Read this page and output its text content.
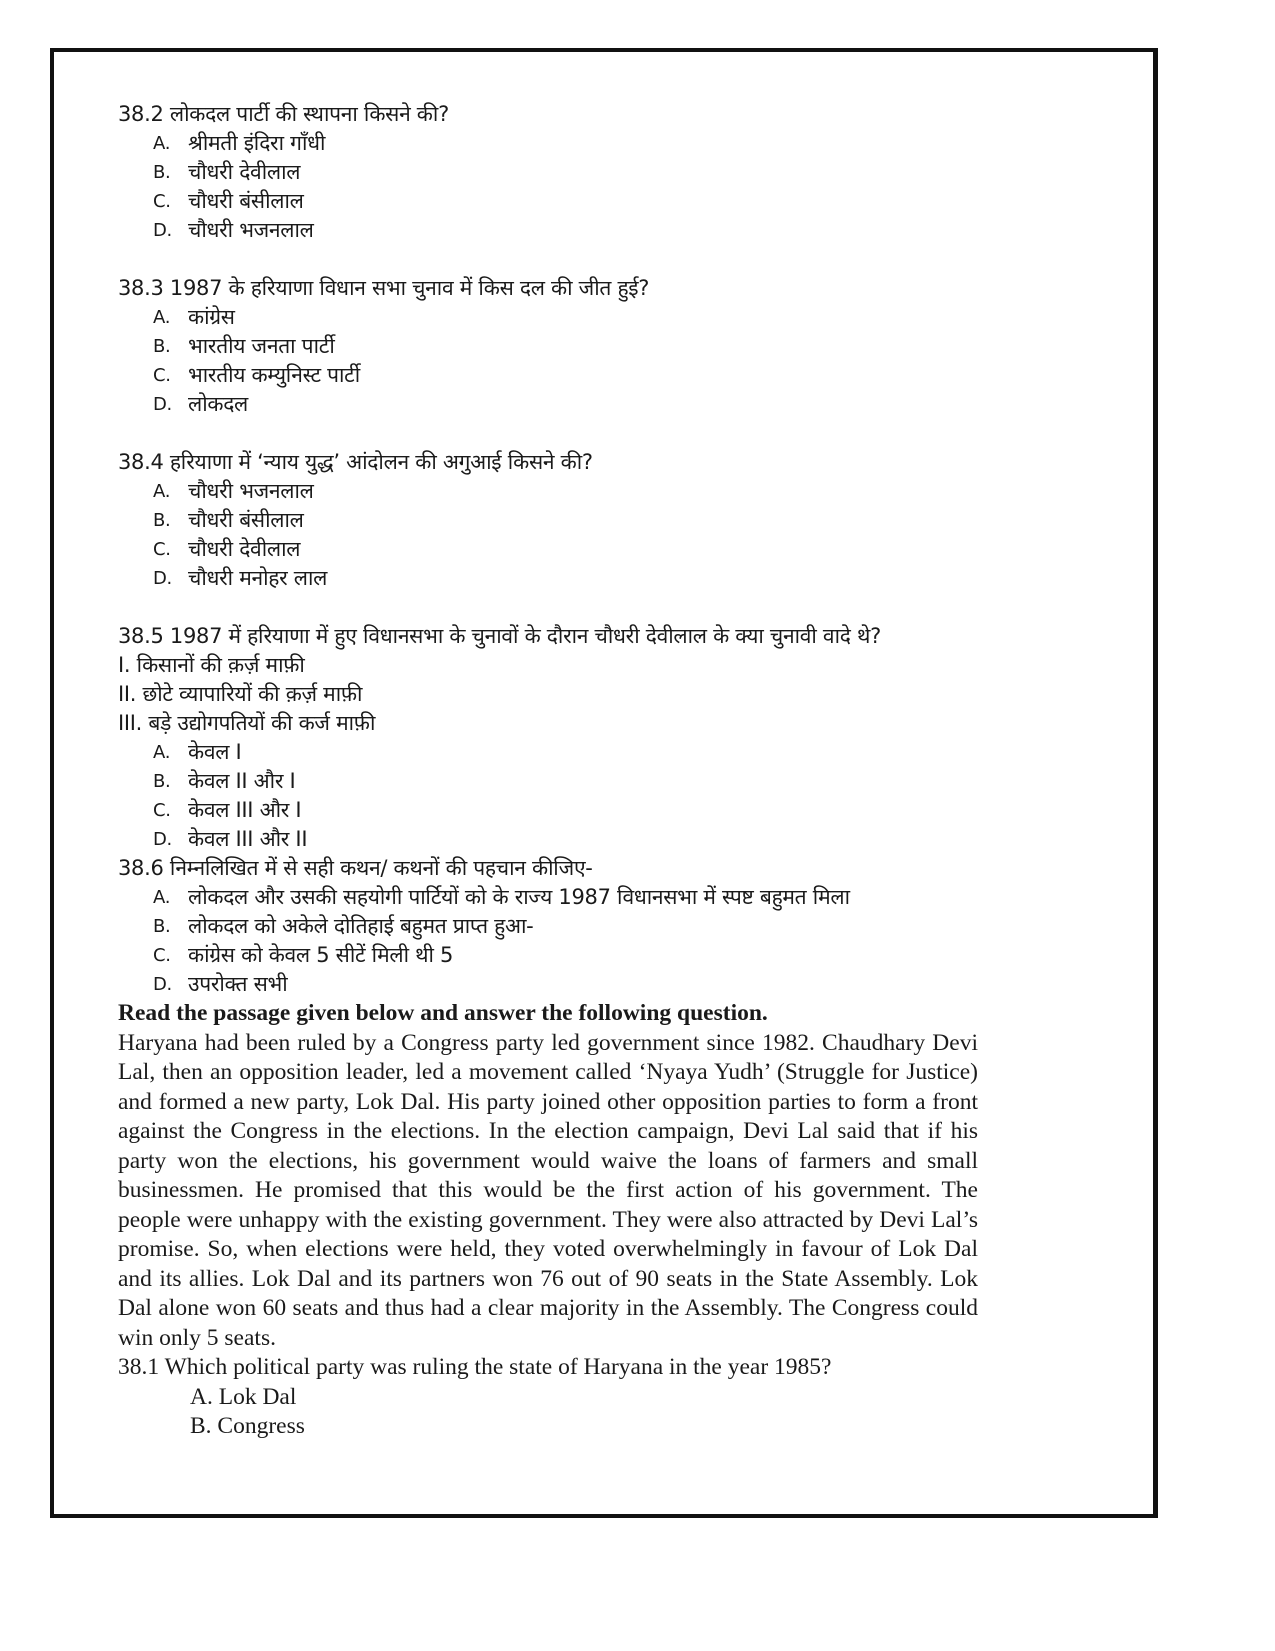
38.2 लोकदल पार्टी की स्थापना किसने की?

A. श्रीमती इंदिरा गाँधी
B. चौधरी देवीलाल
C. चौधरी बंसीलाल
D. चौधरी भजनलाल

38.3 1987 के हरियाणा विधान सभा चुनाव में किस दल की जीत हुई?

A. कांग्रेस
B. भारतीय जनता पार्टी
C. भारतीय कम्युनिस्ट पार्टी
D. लोकदल

38.4 हरियाणा में ‘न्याय युद्ध’ आंदोलन की अगुआई किसने की?

A. चौधरी भजनलाल
B. चौधरी बंसीलाल
C. चौधरी देवीलाल
D. चौधरी मनोहर लाल

38.5 1987 में हरियाणा में हुए विधानसभा के चुनावों के दौरान चौधरी देवीलाल के क्या चुनावी वादे थे?

I. किसानों की क़र्ज़ माफ़ी

II. छोटे व्यापारियों की क़र्ज़ माफ़ी

III. बड़े उद्योगपतियों की कर्ज माफ़ी

A. केवल I
B. केवल II और I
C. केवल III और I
D. केवल III और II

38.6 निम्नलिखित में से सही कथन/ कथनों की पहचान कीजिए-

A. लोकदल और उसकी सहयोगी पार्टियों को के राज्य 1987 विधानसभा में स्पष्ट बहुमत मिला
B. लोकदल को अकेले दोतिहाई बहुमत प्राप्त हुआ-
C. कांग्रेस को केवल 5 सीटें मिली थी 5
D. उपरोक्त सभी

Read the passage given below and answer the following question.

Haryana had been ruled by a Congress party led government since 1982. Chaudhary Devi Lal, then an opposition leader, led a movement called ‘Nyaya Yudh’ (Struggle for Justice) and formed a new party, Lok Dal. His party joined other opposition parties to form a front against the Congress in the elections. In the election campaign, Devi Lal said that if his party won the elections, his government would waive the loans of farmers and small businessmen. He promised that this would be the first action of his government. The people were unhappy with the existing government. They were also attracted by Devi Lal’s promise. So, when elections were held, they voted overwhelmingly in favour of Lok Dal and its allies. Lok Dal and its partners won 76 out of 90 seats in the State Assembly. Lok Dal alone won 60 seats and thus had a clear majority in the Assembly. The Congress could win only 5 seats.

38.1 Which political party was ruling the state of Haryana in the year 1985?

A. Lok Dal
B. Congress
